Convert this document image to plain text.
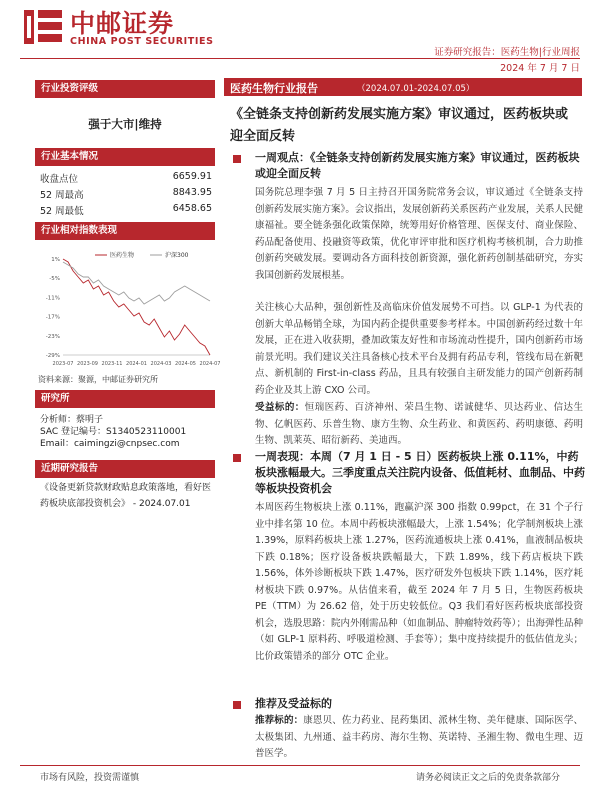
中邮证券
CHINA POST SECURITIES
证券研究报告：医药生物|行业周报
2024 年 7 月 7 日
行业投资评级
强于大市|维持
行业基本情况
收盘点位	6659.91
52 周最高	8843.95
52 周最低	6458.65
行业相对指数表现
1%
-5%
-11%
-17%
-23%
-29%
2023-07 2023-09 2023-11 2024-01 2024-03 2024-05 2024-07
医药生物	沪深300
资料来源：聚源，中邮证券研究所
研究所
分析师：蔡明子
SAC 登记编号：S1340523110001
Email：caimingzi@cnpsec.com
近期研究报告
《设备更新贷款财政贴息政策落地，看好医药板块底部投资机会》 - 2024.07.01
医药生物行业报告	（2024.07.01-2024.07.05）
《全链条支持创新药发展实施方案》审议通过，医药板块或迎全面反转
一周观点：《全链条支持创新药发展实施方案》审议通过，医药板块或迎全面反转
国务院总理李强 7 月 5 日主持召开国务院常务会议，审议通过《全链条支持创新药发展实施方案》。会议指出，发展创新药关系医药产业发展，关系人民健康福祉。要全链条强化政策保障，统筹用好价格管理、医保支付、商业保险、药品配备使用、投融资等政策，优化审评审批和医疗机构考核机制，合力助推创新药突破发展。要调动各方面科技创新资源，强化新药创制基础研究，夯实我国创新药发展根基。
关注核心大品种，强创新性及高临床价值发展势不可挡。以 GLP-1 为代表的创新大单品畅销全球，为国内药企提供重要参考样本。中国创新药经过数十年发展，正在进入收获期，叠加政策友好性和市场流动性提升，国内创新药市场前景光明。我们建议关注具备核心技术平台及拥有药品专利，管线布局在新靶点、新机制的 First-in-class 药品，且具有较强自主研发能力的国产创新药制药企业及其上游 CXO 公司。
受益标的：恒瑞医药、百济神州、荣昌生物、诺诚健华、贝达药业、信达生物、亿帆医药、乐普生物、康方生物、众生药业、和黄医药、药明康德、药明生物、凯莱英、昭衍新药、美迪西。
一周表现：本周（7 月 1 日 - 5 日）医药板块上涨 0.11%，中药板块涨幅最大。三季度重点关注院内设备、低值耗材、血制品、中药等板块投资机会
本周医药生物板块上涨 0.11%，跑赢沪深 300 指数 0.99pct，在 31 个子行业中排名第 10 位。本周中药板块涨幅最大，上涨 1.54%；化学制剂板块上涨 1.39%，原料药板块上涨 1.27%，医药流通板块上涨 0.41%，血液制品板块下跌 0.18%；医疗设备板块跌幅最大，下跌 1.89%，线下药店板块下跌 1.56%，体外诊断板块下跌 1.47%，医疗研发外包板块下跌 1.14%，医疗耗材板块下跌 0.97%。从估值来看，截至 2024 年 7 月 5 日，生物医药板块 PE（TTM）为 26.62 倍，处于历史较低位。Q3 我们看好医药板块底部投资机会，选股思路：院内外刚需品种（如血制品、肿瘤特效药等）；出海弹性品种（如 GLP-1 原料药、呼吸道检测、手套等）；集中度持续提升的低估值龙头；比价政策错杀的部分 OTC 企业。
推荐及受益标的
推荐标的：康恩贝、佐力药业、昆药集团、派林生物、美年健康、国际医学、太极集团、九州通、益丰药房、海尔生物、英诺特、圣湘生物、微电生理、迈普医学。
市场有风险，投资需谨慎	请务必阅读正文之后的免责条款部分
